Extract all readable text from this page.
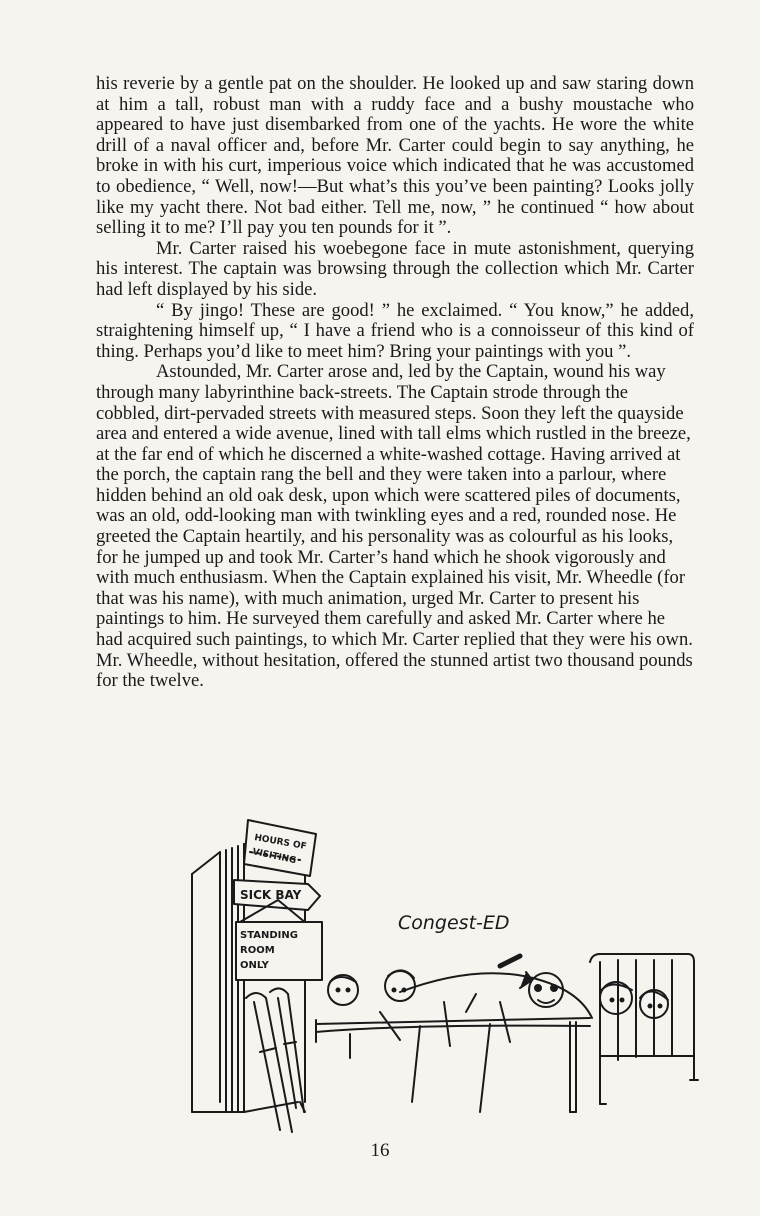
his reverie by a gentle pat on the shoulder. He looked up and saw staring down at him a tall, robust man with a ruddy face and a bushy moustache who appeared to have just disembarked from one of the yachts. He wore the white drill of a naval officer and, before Mr. Carter could begin to say anything, he broke in with his curt, imperious voice which indicated that he was accustomed to obedience, “ Well, now!—But what’s this you’ve been painting? Looks jolly like my yacht there. Not bad either. Tell me, now, ” he continued “ how about selling it to me? I’ll pay you ten pounds for it ”.

Mr. Carter raised his woebegone face in mute astonishment, querying his interest. The captain was browsing through the collection which Mr. Carter had left displayed by his side.

“ By jingo! These are good! ” he exclaimed. “ You know,” he added, straightening himself up, “ I have a friend who is a connoisseur of this kind of thing. Perhaps you’d like to meet him? Bring your paintings with you ”.

Astounded, Mr. Carter arose and, led by the Captain, wound his way through many labyrinthine back-streets. The Captain strode through the cobbled, dirt-pervaded streets with measured steps. Soon they left the quayside area and entered a wide avenue, lined with tall elms which rustled in the breeze, at the far end of which he discerned a white-washed cottage. Having arrived at the porch, the captain rang the bell and they were taken into a parlour, where hidden behind an old oak desk, upon which were scattered piles of documents, was an old, odd-looking man with twinkling eyes and a red, rounded nose. He greeted the Captain heartily, and his personality was as colourful as his looks, for he jumped up and took Mr. Carter’s hand which he shook vigorously and with much enthusiasm. When the Captain explained his visit, Mr. Wheedle (for that was his name), with much animation, urged Mr. Carter to present his paintings to him. He surveyed them carefully and asked Mr. Carter where he had acquired such paintings, to which Mr. Carter replied that they were his own. Mr. Wheedle, without hesitation, offered the stunned artist two thousand pounds for the twelve.

HOURS OF
VISITING
SICK BAY
STANDING
ROOM
ONLY
Congest-ED
16
